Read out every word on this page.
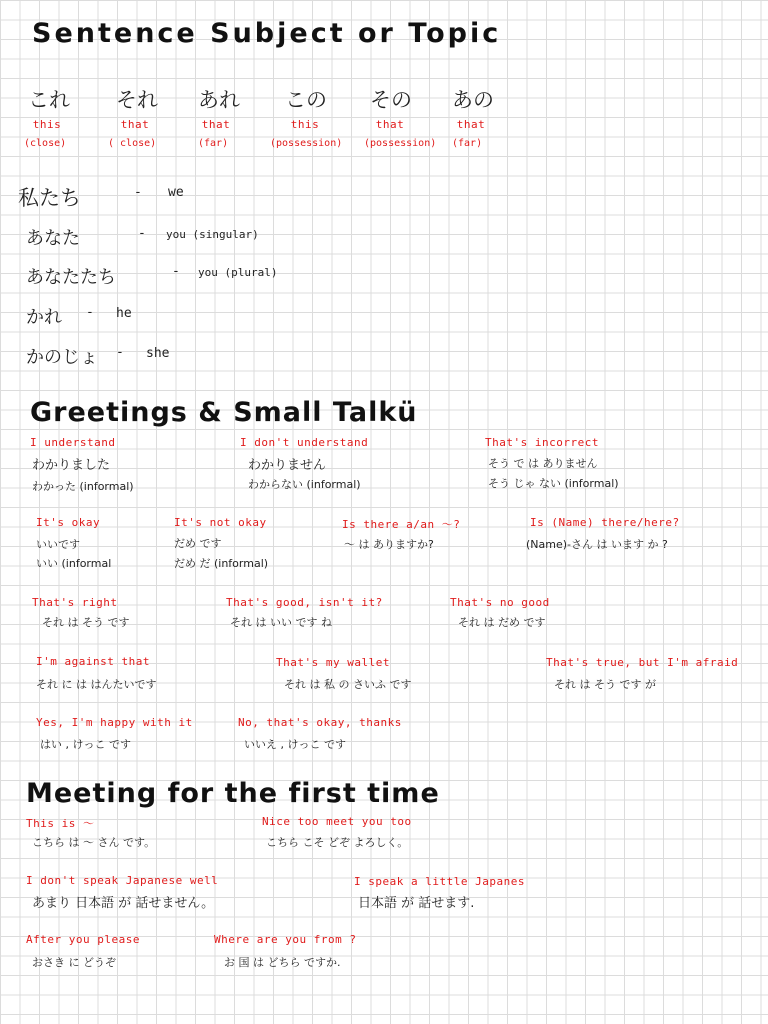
Sentence Subject or Topic
これ それ あれ この その あの
this	that	that	this	that	that
(close)	( close)	(far)	(possession) (possession) (far)
私たち	- we
あなた	- you (singular)
あなたたち	- you (plural)
かれ - he
かのじょ - she
Greetings & Small Talkü
I understand
わかりました
わかった (informal)
I don't understand
わかりません
わからない (informal)
That's incorrect
そう で は ありません
そう じゃ ない (informal)
It's okay
いいです
いい (informal
It's not okay
だめ です
だめ だ (informal)
Is there a/an ～?
～ は ありますか?
Is (Name) there/here?
(Name)-さん は います か ?
That's right
それ は そう です
That's good, isn't it?
それ は いい です ね
That's no good
それ は だめ です
I'm against that
それ に は はんたいです
That's my wallet
それ は 私 の さいふ です
That's true, but I'm afraid
それ は そう です が
Yes, I'm happy with it
はい , けっこ です
No, that's okay, thanks
いいえ , けっこ です
Meeting for the first time
This is ～
こちら は ～ さん です。
Nice too meet you too
こちら こそ どぞ よろしく。
I don't speak Japanese well
あまり 日本語 が 話せません。
I speak a little Japanes
日本語 が 話せます.
After you please
おさき に どうぞ
Where are you from ?
お 国 は どちら ですか.
